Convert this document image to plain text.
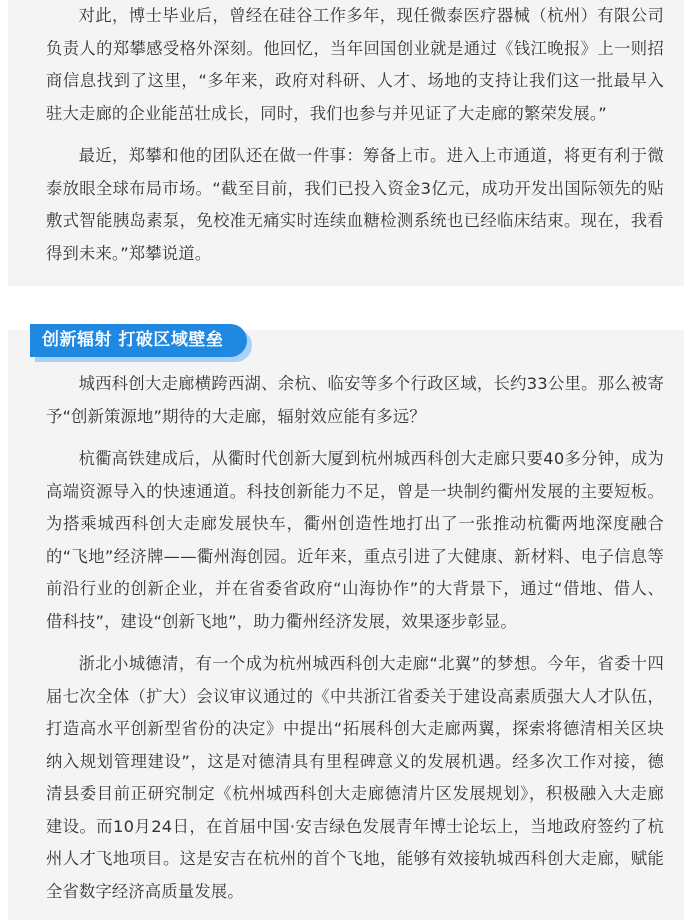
对此，博士毕业后，曾经在硅谷工作多年，现任微泰医疗器械（杭州）有限公司负责人的郑攀感受格外深刻。他回忆，当年回国创业就是通过《钱江晚报》上一则招商信息找到了这里，“多年来，政府对科研、人才、场地的支持让我们这一批最早入驻大走廊的企业能茁壮成长，同时，我们也参与并见证了大走廊的繁荣发展。”

最近，郑攀和他的团队还在做一件事：筹备上市。进入上市通道，将更有利于微泰放眼全球布局市场。“截至目前，我们已投入资金3亿元，成功开发出国际领先的贴敷式智能胰岛素泵，免校准无痛实时连续血糖检测系统也已经临床结束。现在，我看得到未来。”郑攀说道。

创新辐射 打破区域壁垒

城西科创大走廊横跨西湖、余杭、临安等多个行政区域，长约33公里。那么被寄予“创新策源地”期待的大走廊，辐射效应能有多远？

杭衢高铁建成后，从衢时代创新大厦到杭州城西科创大走廊只要40多分钟，成为高端资源导入的快速通道。科技创新能力不足，曾是一块制约衢州发展的主要短板。为搭乘城西科创大走廊发展快车，衢州创造性地打出了一张推动杭衢两地深度融合的“飞地”经济牌——衢州海创园。近年来，重点引进了大健康、新材料、电子信息等前沿行业的创新企业，并在省委省政府“山海协作”的大背景下，通过“借地、借人、借科技”，建设“创新飞地”，助力衢州经济发展，效果逐步彰显。

浙北小城德清，有一个成为杭州城西科创大走廊“北翼”的梦想。今年，省委十四届七次全体（扩大）会议审议通过的《中共浙江省委关于建设高素质强大人才队伍，打造高水平创新型省份的决定》中提出“拓展科创大走廊两翼，探索将德清相关区块纳入规划管理建设”，这是对德清具有里程碑意义的发展机遇。经多次工作对接，德清县委目前正研究制定《杭州城西科创大走廊德清片区发展规划》，积极融入大走廊建设。而10月24日，在首届中国·安吉绿色发展青年博士论坛上，当地政府签约了杭州人才飞地项目。这是安吉在杭州的首个飞地，能够有效接轨城西科创大走廊，赋能全省数字经济高质量发展。
